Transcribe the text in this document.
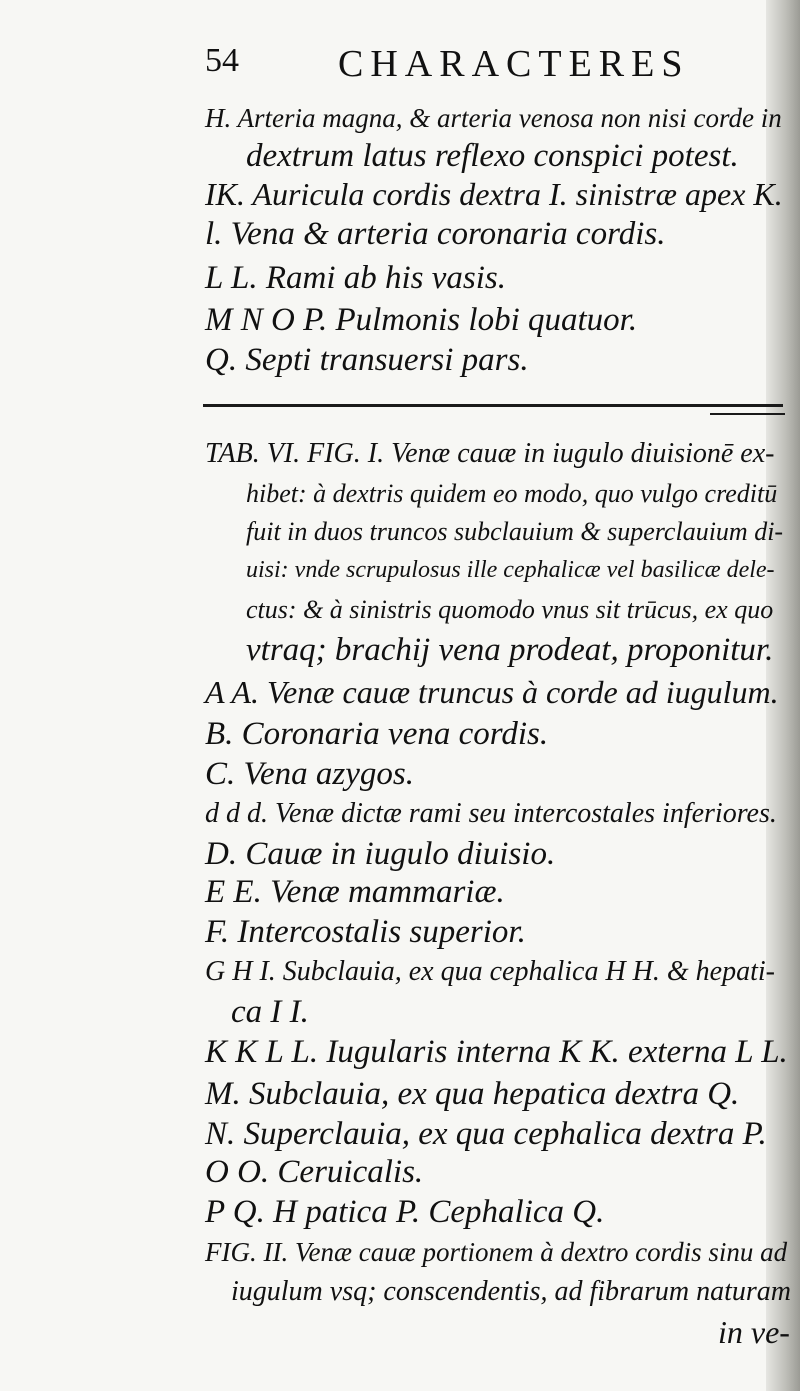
54	CHARACTERES
H. Arteria magna, & arteria venosa non nisi corde in
dextrum latus reflexo conspici potest.
IK. Auricula cordis dextra I. sinistræ apex K.
l. Vena & arteria coronaria cordis.
L L. Rami ab his vasis.
M N O P. Pulmonis lobi quatuor.
Q. Septi transuersi pars.
TAB. VI. FIG. I. Venæ cauæ in iugulo diuisionē ex-
hibet: à dextris quidem eo modo, quo vulgo creditū
fuit in duos truncos subclauium & superclauium di-
uisi: vnde scrupulosus ille cephalicæ vel basilicæ dele-
ctus: & à sinistris quomodo vnus sit trūcus, ex quo
vtraq; brachij vena prodeat, proponitur.
A A. Venæ cauæ truncus à corde ad iugulum.
B. Coronaria vena cordis.
C. Vena azygos.
d d d. Venæ dictæ rami seu intercostales inferiores.
D. Cauæ in iugulo diuisio.
E E. Venæ mammariæ.
F. Intercostalis superior.
G H I. Subclauia, ex qua cephalica H H. & hepati-
ca I I.
K K L L. Iugularis interna K K. externa L L.
M. Subclauia, ex qua hepatica dextra Q.
N. Superclauia, ex qua cephalica dextra P.
O O. Ceruicalis.
P Q. H patica P. Cephalica Q.
FIG. II. Venæ cauæ portionem à dextro cordis sinu ad
iugulum vsq; conscendentis, ad fibrarum naturam
in ve-
